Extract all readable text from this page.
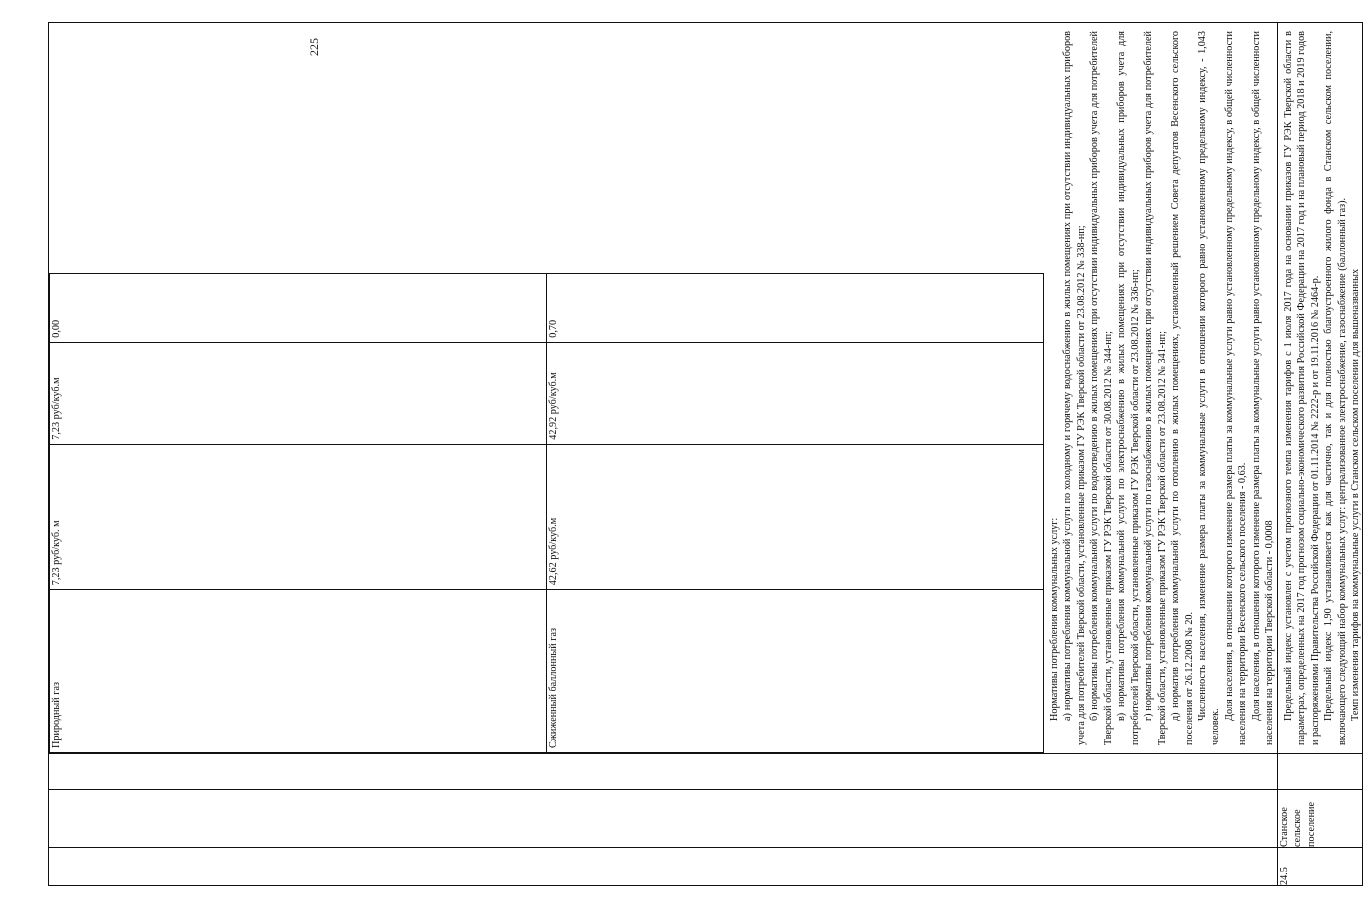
225

Природный газ	7,23 руб/куб. м	7,23 руб/куб.м	0,00
Сжиженный баллонный газ	42,62 руб/куб.м	42,92 руб/куб.м	0,70

Нормативы потребления коммунальных услуг: а) нормативы потребления коммунальной услуги по холодному и горячему водоснабжению в жилых помещениях при отсутствии индивидуальных приборов учета для потребителей Тверской области, установленные приказом ГУ РЭК Тверской области от 23.08.2012 № 338-нп; б) нормативы потребления коммунальной услуги по водоотведению в жилых помещениях при отсутствии индивидуальных приборов учета для потребителей Тверской области, установленные приказом ГУ РЭК Тверской области от 30.08.2012 № 344-нп; в) нормативы потребления коммунальной услуги по электроснабжению в жилых помещениях при отсутствии индивидуальных приборов учета для потребителей Тверской области, установленные приказом ГУ РЭК Тверской области от 23.08.2012 № 336-нп; г) нормативы потребления коммунальной услуги по газоснабжению в жилых помещениях при отсутствии индивидуальных приборов учета для потребителей Тверской области, установленные приказом ГУ РЭК Тверской области от 23.08.2012 № 341-нп; д) норматив потребления коммунальной услуги по отоплению в жилых помещениях, установленный решением Совета депутатов Весенского сельского поселения от 26.12.2008 № 20. Численность населения, изменение размера платы за коммунальные услуги в отношении которого равно установленному предельному индексу, - 1,043 человек.

Доля населения, в отношении которого изменение размера платы за коммунальные услуги равно установленному предельному индексу, в общей численности населения на территории Весенского сельского поселения - 0,63. Доля населения, в отношении которого изменение размера платы за коммунальные услуги равно установленному предельному индексу, в общей численности населения на территории Тверской области - 0,0008

24.5	Станское сельское поселение		

Предельный индекс установлен с учетом прогнозного темпа изменения тарифов с 1 июля 2017 года на основании приказов ГУ РЭК Тверской области в параметрах, определенных на 2017 год прогнозом социально-экономического развития Российской Федерации на 2017 год и на плановый период 2018 и 2019 годов и распоряжениями Правительства Российской Федерации от 01.11.2014 № 2222-р и от 19.11.2016 № 2464-р. Предельный индекс 1,90 устанавливается как для частично, так и для полностью благоустроенного жилого фонда в Станском сельском поселении, включающего следующий набор коммунальных услуг: централизованное электроснабжение, газоснабжение (баллонный газ). Темп изменения тарифов на коммунальные услуги в Станском сельском поселении для вышеназванных
